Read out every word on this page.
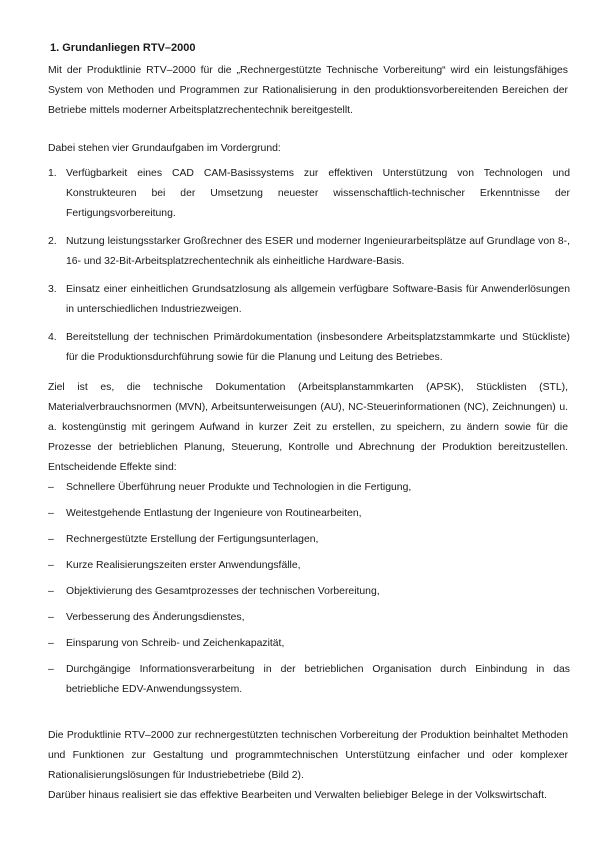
1. Grundanliegen RTV–2000
Mit der Produktlinie RTV–2000 für die „Rechnergestützte Technische Vorbereitung“ wird ein leistungsfähiges System von Methoden und Programmen zur Rationalisierung in den produktionsvorbereitenden Bereichen der Betriebe mittels moderner Arbeitsplatzrechentechnik bereitgestellt.
Dabei stehen vier Grundaufgaben im Vordergrund:
1. Verfügbarkeit eines CAD CAM-Basissystems zur effektiven Unterstützung von Technologen und Konstrukteuren bei der Umsetzung neuester wissenschaftlich-technischer Erkenntnisse der Fertigungsvorbereitung.
2. Nutzung leistungsstarker Großrechner des ESER und moderner Ingenieurarbeitsplätze auf Grundlage von 8-, 16- und 32-Bit-Arbeitsplatzrechentechnik als einheitliche Hardware-Basis.
3. Einsatz einer einheitlichen Grundsatzlosung als allgemein verfügbare Software-Basis für Anwenderlösungen in unterschiedlichen Industriezweigen.
4. Bereitstellung der technischen Primärdokumentation (insbesondere Arbeitsplatzstammkarte und Stückliste) für die Produktionsdurchführung sowie für die Planung und Leitung des Betriebes.
Ziel ist es, die technische Dokumentation (Arbeitsplanstammkarten (APSK), Stücklisten (STL), Materialverbrauchsnormen (MVN), Arbeitsunterweisungen (AU), NC-Steuerinformationen (NC), Zeichnungen) u. a. kostengünstig mit geringem Aufwand in kurzer Zeit zu erstellen, zu speichern, zu ändern sowie für die Prozesse der betrieblichen Planung, Steuerung, Kontrolle und Abrechnung der Produktion bereitzustellen. Entscheidende Effekte sind:
– Schnellere Überführung neuer Produkte und Technologien in die Fertigung,
– Weitestgehende Entlastung der Ingenieure von Routinearbeiten,
– Rechnergestützte Erstellung der Fertigungsunterlagen,
– Kurze Realisierungszeiten erster Anwendungsfälle,
– Objektivierung des Gesamtprozesses der technischen Vorbereitung,
– Verbesserung des Änderungsdienstes,
– Einsparung von Schreib- und Zeichenkapazität,
– Durchgängige Informationsverarbeitung in der betrieblichen Organisation durch Einbindung in das betriebliche EDV-Anwendungssystem.
Die Produktlinie RTV–2000 zur rechnergestützten technischen Vorbereitung der Produktion beinhaltet Methoden und Funktionen zur Gestaltung und programmtechnischen Unterstützung einfacher und oder komplexer Rationalisierungslösungen für Industriebetriebe (Bild 2).
Darüber hinaus realisiert sie das effektive Bearbeiten und Verwalten beliebiger Belege in der Volkswirtschaft.
